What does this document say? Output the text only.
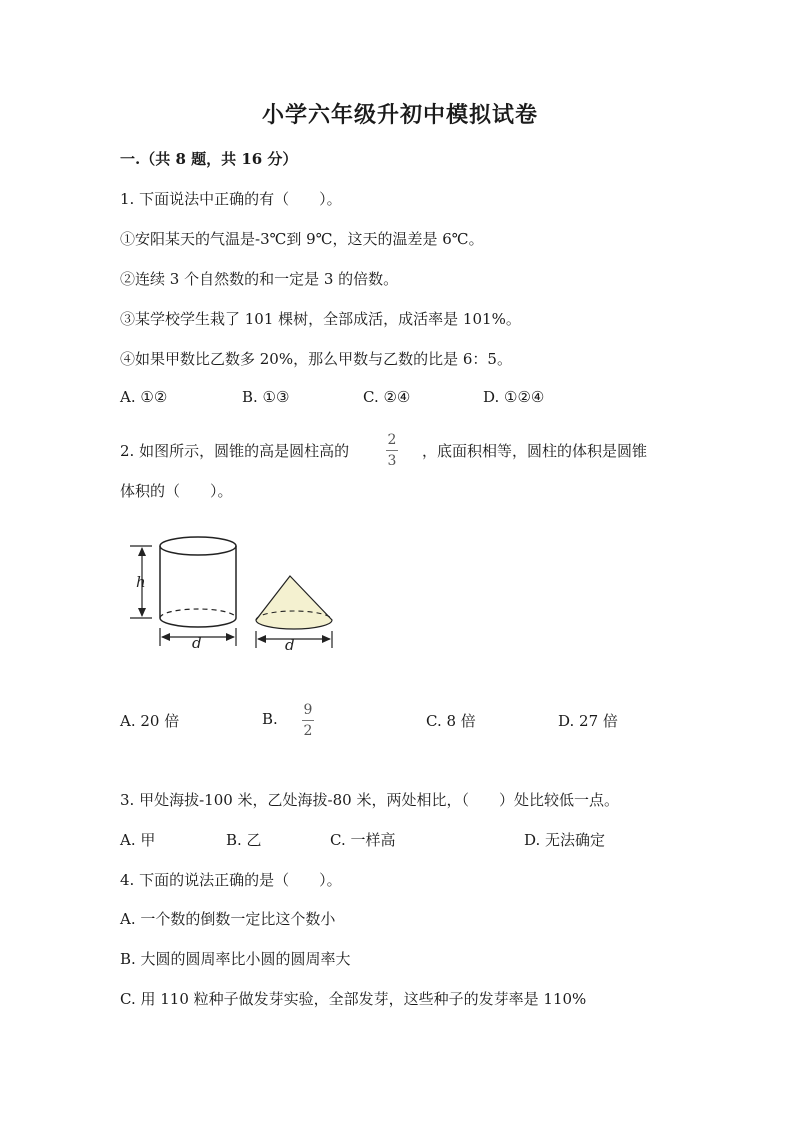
小学六年级升初中模拟试卷
一.（共 8 题，共 16 分）
1. 下面说法中正确的有（　　）。
①安阳某天的气温是-3℃到 9℃，这天的温差是 6℃。
②连续 3 个自然数的和一定是 3 的倍数。
③某学校学生栽了 101 棵树，全部成活，成活率是 101%。
④如果甲数比乙数多 20%，那么甲数与乙数的比是 6：5。
A. ①②	B. ①③	C. ②④	D. ①②④
2. 如图所示，圆锥的高是圆柱高的
2
3
，底面积相等，圆柱的体积是圆锥
体积的（　　）。
h
d	d
A. 20 倍	B. 9
2
C. 8 倍	D. 27 倍
3. 甲处海拔-100 米，乙处海拔-80 米，两处相比，（　　）处比较低一点。
A. 甲	B. 乙	C. 一样高	D. 无法确定
4. 下面的说法正确的是（　　）。
A. 一个数的倒数一定比这个数小
B. 大圆的圆周率比小圆的圆周率大
C. 用 110 粒种子做发芽实验，全部发芽，这些种子的发芽率是 110%
